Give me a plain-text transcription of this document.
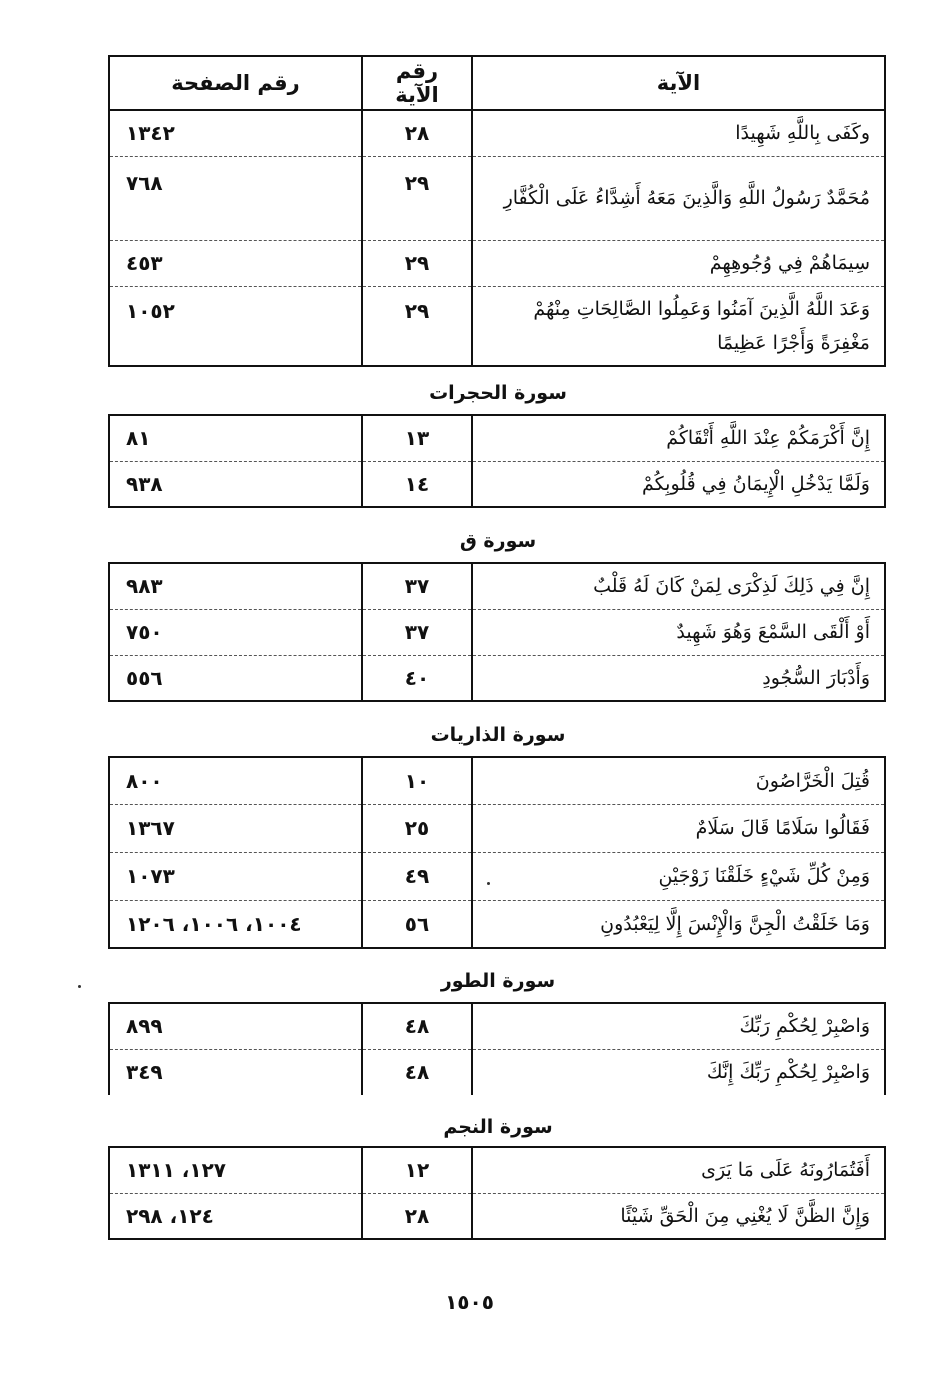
الآية	رقم الآية	رقم الصفحة
وكَفَى بِاللَّهِ شَهِيدًا	٢٨	١٣٤٢
مُحَمَّدٌ رَسُولُ اللَّهِ وَالَّذِينَ مَعَهُ أَشِدَّاءُ عَلَى الْكُفَّارِ	٢٩	٧٦٨
سِيمَاهُمْ فِي وُجُوهِهِمْ	٢٩	٤٥٣
وَعَدَ اللَّهُ الَّذِينَ آمَنُوا وَعَمِلُوا الصَّالِحَاتِ مِنْهُمْ مَغْفِرَةً وَأَجْرًا عَظِيمًا	٢٩	١٠٥٢
سورة الحجرات
إِنَّ أَكْرَمَكُمْ عِنْدَ اللَّهِ أَتْقَاكُمْ	١٣	٨١
وَلَمَّا يَدْخُلِ الْإِيمَانُ فِي قُلُوبِكُمْ	١٤	٩٣٨
سورة ق
إِنَّ فِي ذَلِكَ لَذِكْرَى لِمَنْ كَانَ لَهُ قَلْبٌ	٣٧	٩٨٣
أَوْ أَلْقَى السَّمْعَ وَهُوَ شَهِيدٌ	٣٧	٧٥٠
وَأَدْبَارَ السُّجُودِ	٤٠	٥٥٦
سورة الذاريات
قُتِلَ الْخَرَّاصُونَ	١٠	٨٠٠
فَقَالُوا سَلَامًا قَالَ سَلَامٌ	٢٥	١٣٦٧
وَمِنْ كُلِّ شَيْءٍ خَلَقْنَا زَوْجَيْنِ	٤٩	١٠٧٣
وَمَا خَلَقْتُ الْجِنَّ وَالْإِنْسَ إِلَّا لِيَعْبُدُونِ	٥٦	١٠٠٤، ١٠٠٦، ١٢٠٦
سورة الطور
وَاصْبِرْ لِحُكْمِ رَبِّكَ	٤٨	٨٩٩
وَاصْبِرْ لِحُكْمِ رَبِّكَ إِنَّكَ	٤٨	٣٤٩
سورة النجم
أَفَتُمَارُونَهُ عَلَى مَا يَرَى	١٢	١٢٧، ١٣١١
وَإِنَّ الظَّنَّ لَا يُغْنِي مِنَ الْحَقِّ شَيْئًا	٢٨	١٢٤، ٢٩٨
١٥٠٥
